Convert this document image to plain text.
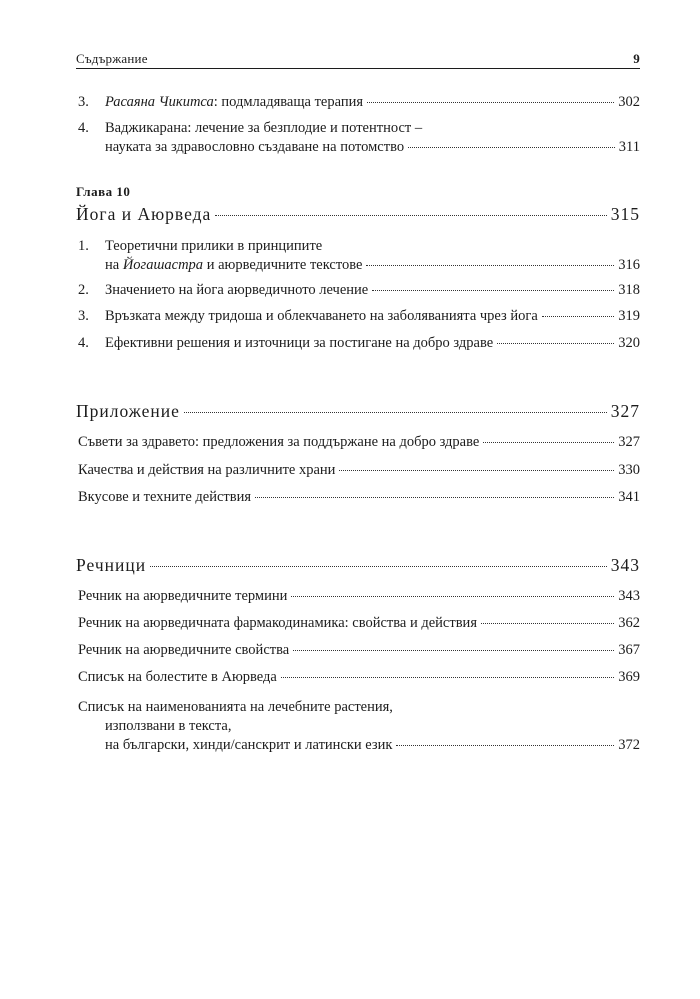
Съдържание	9
3. Расаяна Чикитса: подмладяваща терапия	302
4. Ваджикарана: лечение за безплодие и потентност –
науката за здравословно създаване на потомство	311
Глава 10
Йога и Аюрведа	315
1. Теоретични прилики в принципите
на Йогашастра и аюрведичните текстове	316
2. Значението на йога аюрведичното лечение	318
3. Връзката между тридоша и облекчаването на заболяванията чрез йога	319
4. Ефективни решения и източници за постигане на добро здраве	320
Приложение	327
Съвети за здравето: предложения за поддържане на добро здраве	327
Качества и действия на различните храни	330
Вкусове и техните действия	341
Речници	343
Речник на аюрведичните термини	343
Речник на аюрведичната фармакодинамика: свойства и действия	362
Речник на аюрведичните свойства	367
Списък на болестите в Аюрведа	369
Списък на наименованията на лечебните растения,
използвани в текста,
на български, хинди/санскрит и латински език	372
